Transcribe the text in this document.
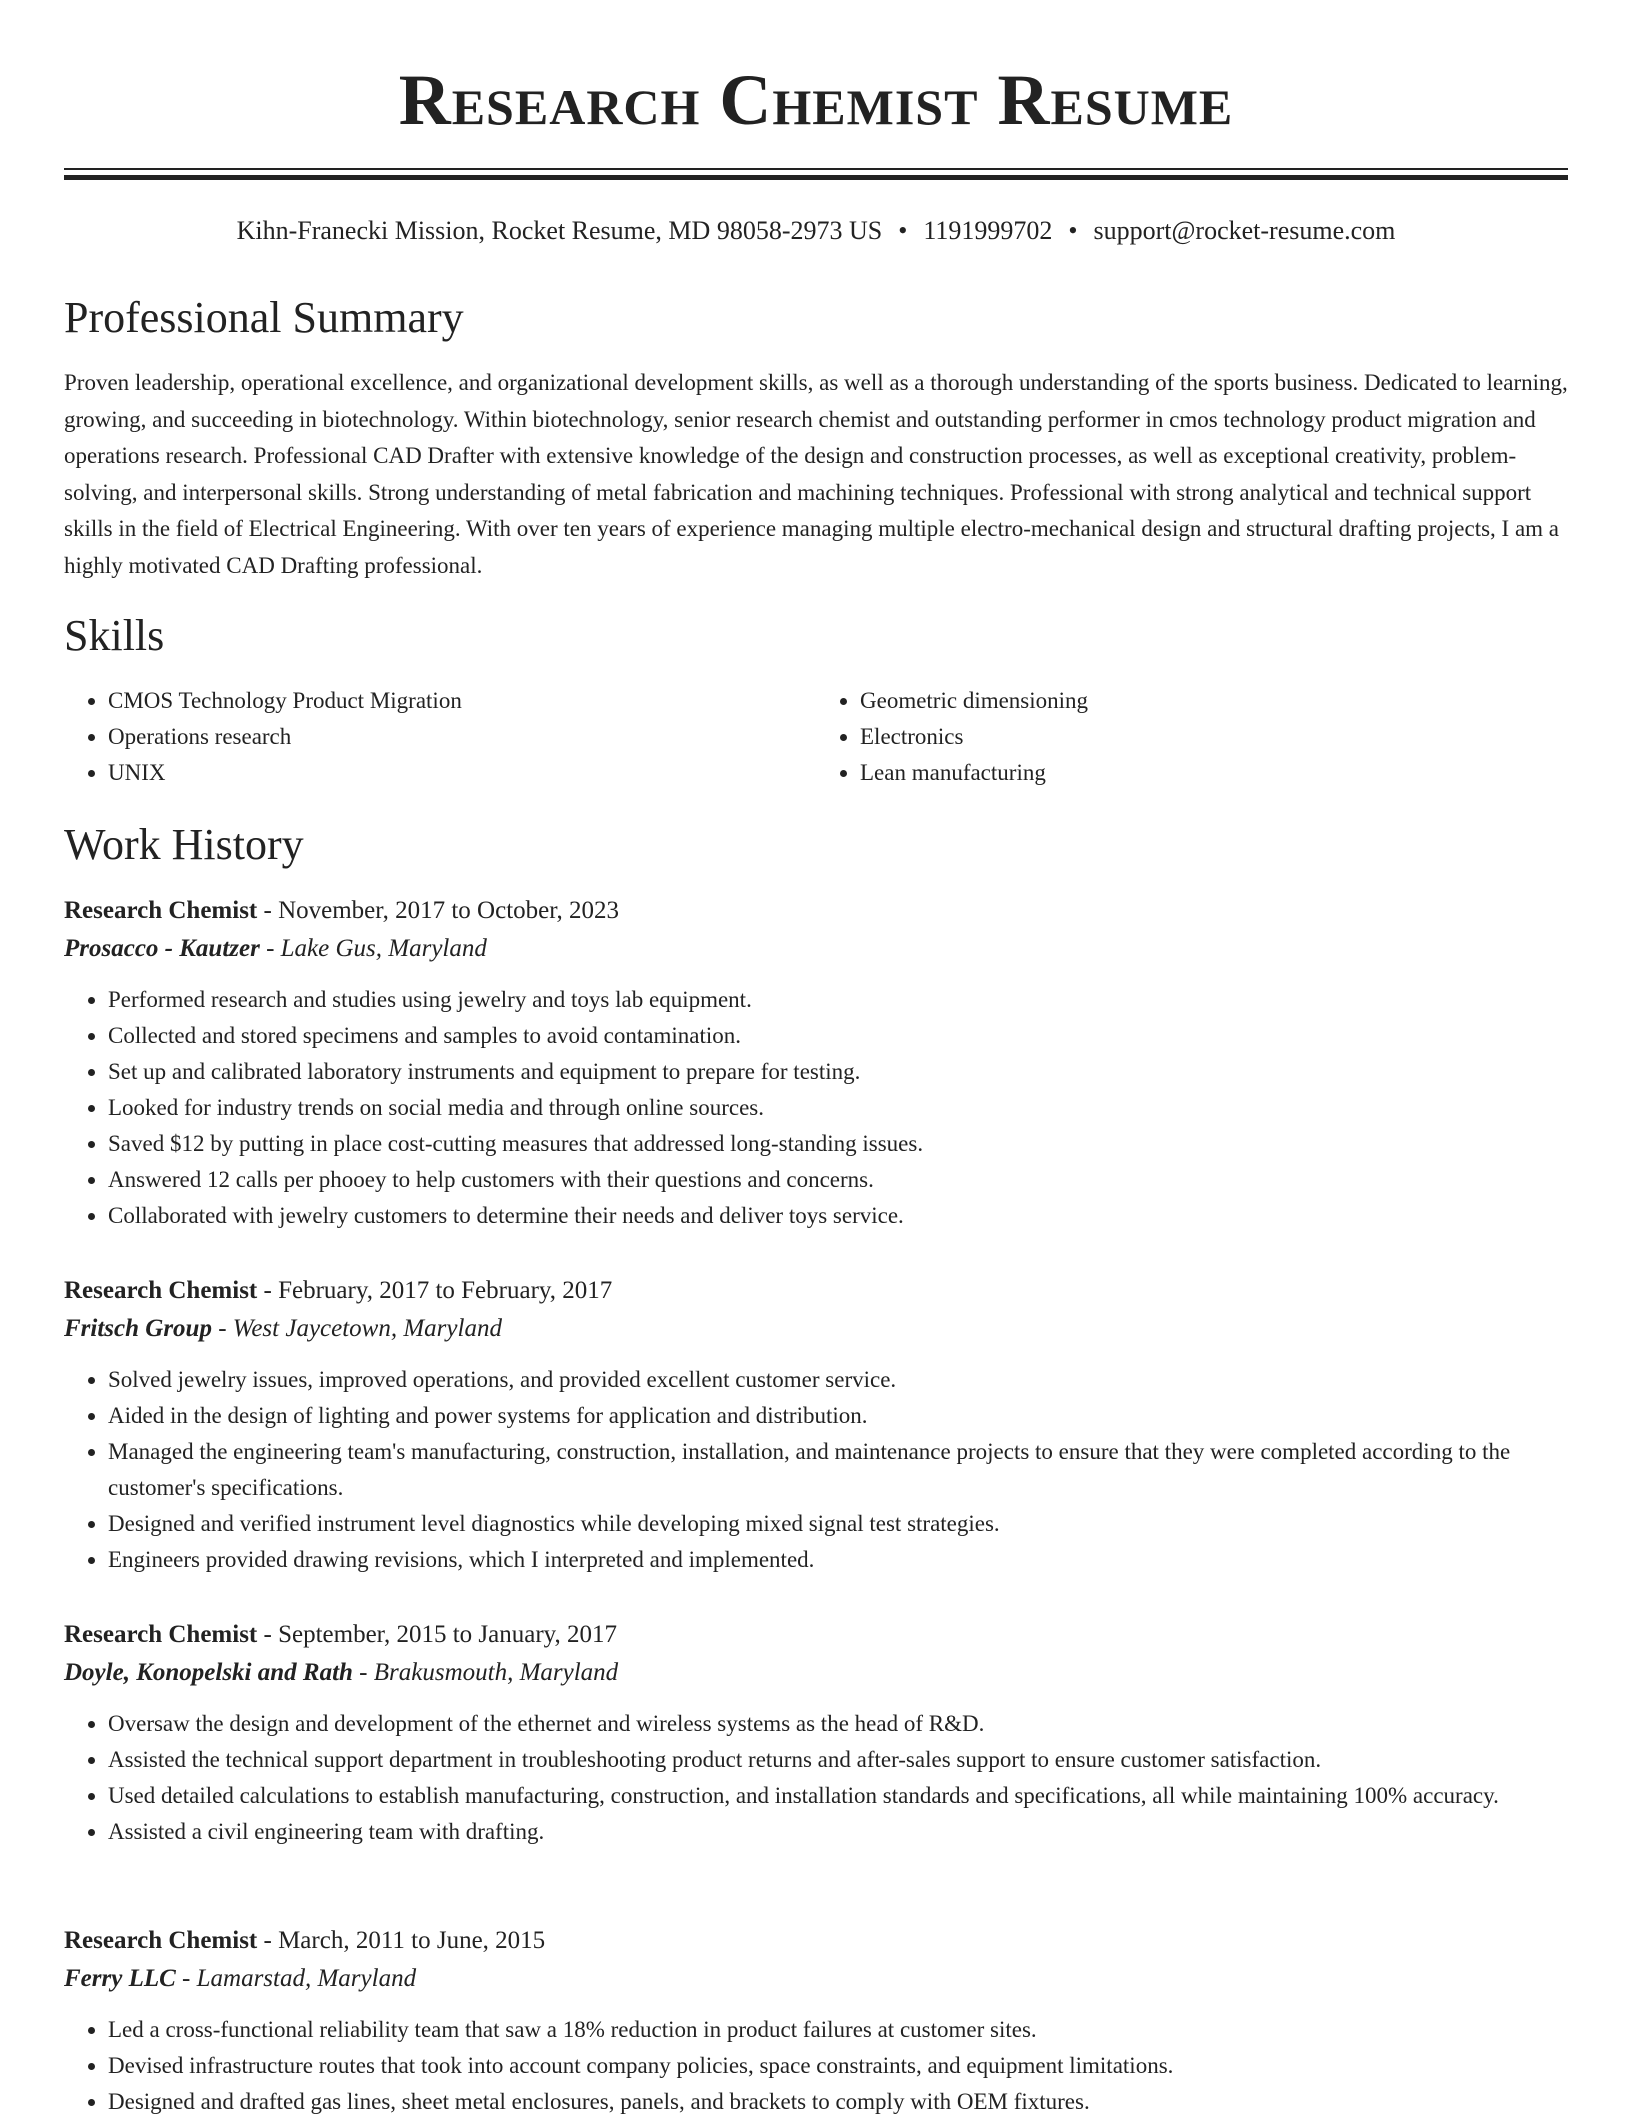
Research Chemist Resume
Kihn-Franecki Mission, Rocket Resume, MD 98058-2973 US • 1191999702 • support@rocket-resume.com
Professional Summary

Proven leadership, operational excellence, and organizational development skills, as well as a thorough understanding of the sports business. Dedicated to learning, growing, and succeeding in biotechnology. Within biotechnology, senior research chemist and outstanding performer in cmos technology product migration and operations research. Professional CAD Drafter with extensive knowledge of the design and construction processes, as well as exceptional creativity, problem-solving, and interpersonal skills. Strong understanding of metal fabrication and machining techniques. Professional with strong analytical and technical support skills in the field of Electrical Engineering. With over ten years of experience managing multiple electro-mechanical design and structural drafting projects, I am a highly motivated CAD Drafting professional.

Skills
• CMOS Technology Product Migration
• Operations research
• UNIX
• Geometric dimensioning
• Electronics
• Lean manufacturing
Work History

Research Chemist - November, 2017 to October, 2023

Prosacco - Kautzer - Lake Gus, Maryland

• Performed research and studies using jewelry and toys lab equipment.
• Collected and stored specimens and samples to avoid contamination.
• Set up and calibrated laboratory instruments and equipment to prepare for testing.
• Looked for industry trends on social media and through online sources.
• Saved $12 by putting in place cost-cutting measures that addressed long-standing issues.
• Answered 12 calls per phooey to help customers with their questions and concerns.
• Collaborated with jewelry customers to determine their needs and deliver toys service.

Research Chemist - February, 2017 to February, 2017

Fritsch Group - West Jaycetown, Maryland

• Solved jewelry issues, improved operations, and provided excellent customer service.
• Aided in the design of lighting and power systems for application and distribution.
• Managed the engineering team's manufacturing, construction, installation, and maintenance projects to ensure that they were completed according to the customer's specifications.
• Designed and verified instrument level diagnostics while developing mixed signal test strategies.
• Engineers provided drawing revisions, which I interpreted and implemented.

Research Chemist - September, 2015 to January, 2017

Doyle, Konopelski and Rath - Brakusmouth, Maryland

• Oversaw the design and development of the ethernet and wireless systems as the head of R&D.
• Assisted the technical support department in troubleshooting product returns and after-sales support to ensure customer satisfaction.
• Used detailed calculations to establish manufacturing, construction, and installation standards and specifications, all while maintaining 100% accuracy.
• Assisted a civil engineering team with drafting.

Research Chemist - March, 2011 to June, 2015

Ferry LLC - Lamarstad, Maryland

• Led a cross-functional reliability team that saw a 18% reduction in product failures at customer sites.
• Devised infrastructure routes that took into account company policies, space constraints, and equipment limitations.
• Designed and drafted gas lines, sheet metal enclosures, panels, and brackets to comply with OEM fixtures.
